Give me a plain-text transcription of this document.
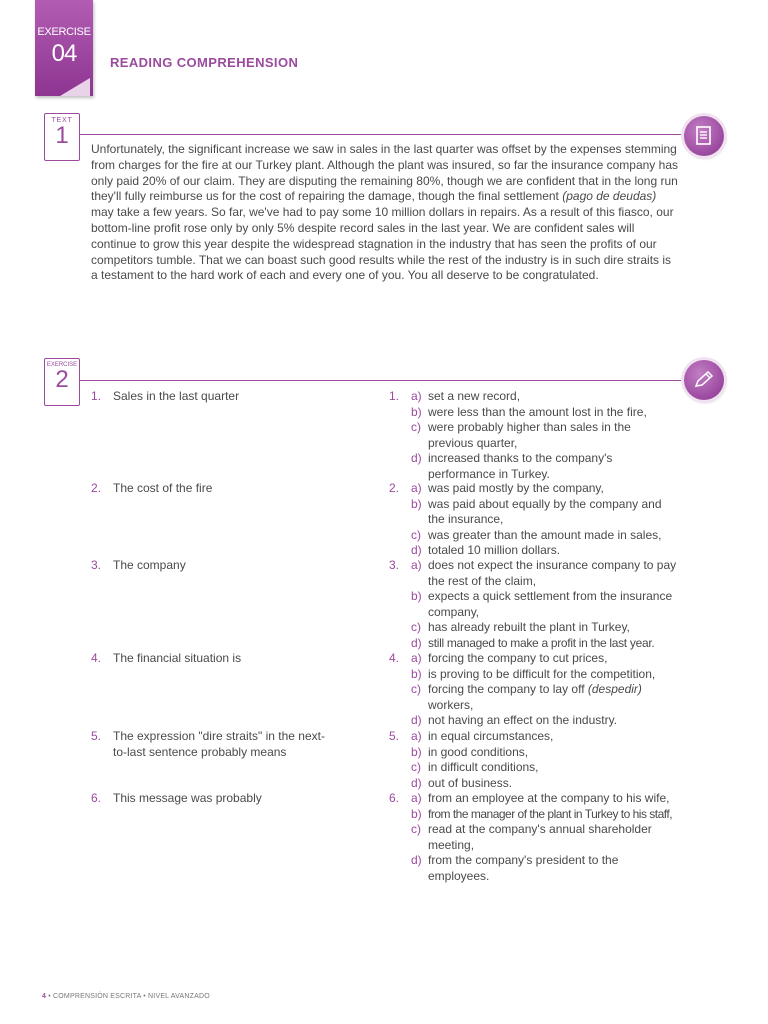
EXERCISE
04	READING COMPREHENSION
TEXT
1	Unfortunately, the significant increase we saw in sales in the last quarter was offset by the expenses stemming from charges for the fire at our Turkey plant. Although the plant was insured, so far the insurance company has only paid 20% of our claim. They are disputing the remaining 80%, though we are confident that in the long run they'll fully reimburse us for the cost of repairing the damage, though the final settlement (pago de deudas) may take a few years. So far, we've had to pay some 10 million dollars in repairs. As a result of this fiasco, our bottom-line profit rose only by only 5% despite record sales in the last year. We are confident sales will continue to grow this year despite the widespread stagnation in the industry that has seen the profits of our competitors tumble. That we can boast such good results while the rest of the industry is in such dire straits is a testament to the hard work of each and every one of you. You all deserve to be congratulated.
EXERCISE
2
1. Sales in the last quarter
2. The cost of the fire
3. The company
4. The financial situation is
5. The expression "dire straits" in the next-to-last sentence probably means
6. This message was probably
1. a) set a new record,
b) were less than the amount lost in the fire,
c) were probably higher than sales in the previous quarter,
d) increased thanks to the company's performance in Turkey.
2. a) was paid mostly by the company,
b) was paid about equally by the company and the insurance,
c) was greater than the amount made in sales,
d) totaled 10 million dollars.
3. a) does not expect the insurance company to pay the rest of the claim,
b) expects a quick settlement from the insurance company,
c) has already rebuilt the plant in Turkey,
d) still managed to make a profit in the last year.
4. a) forcing the company to cut prices,
b) is proving to be difficult for the competition,
c) forcing the company to lay off (despedir) workers,
d) not having an effect on the industry.
5. a) in equal circumstances,
b) in good conditions,
c) in difficult conditions,
d) out of business.
6. a) from an employee at the company to his wife,
b) from the manager of the plant in Turkey to his staff,
c) read at the company's annual shareholder meeting,
d) from the company's president to the employees.
4 • COMPRENSIÓN ESCRITA • NIVEL AVANZADO
